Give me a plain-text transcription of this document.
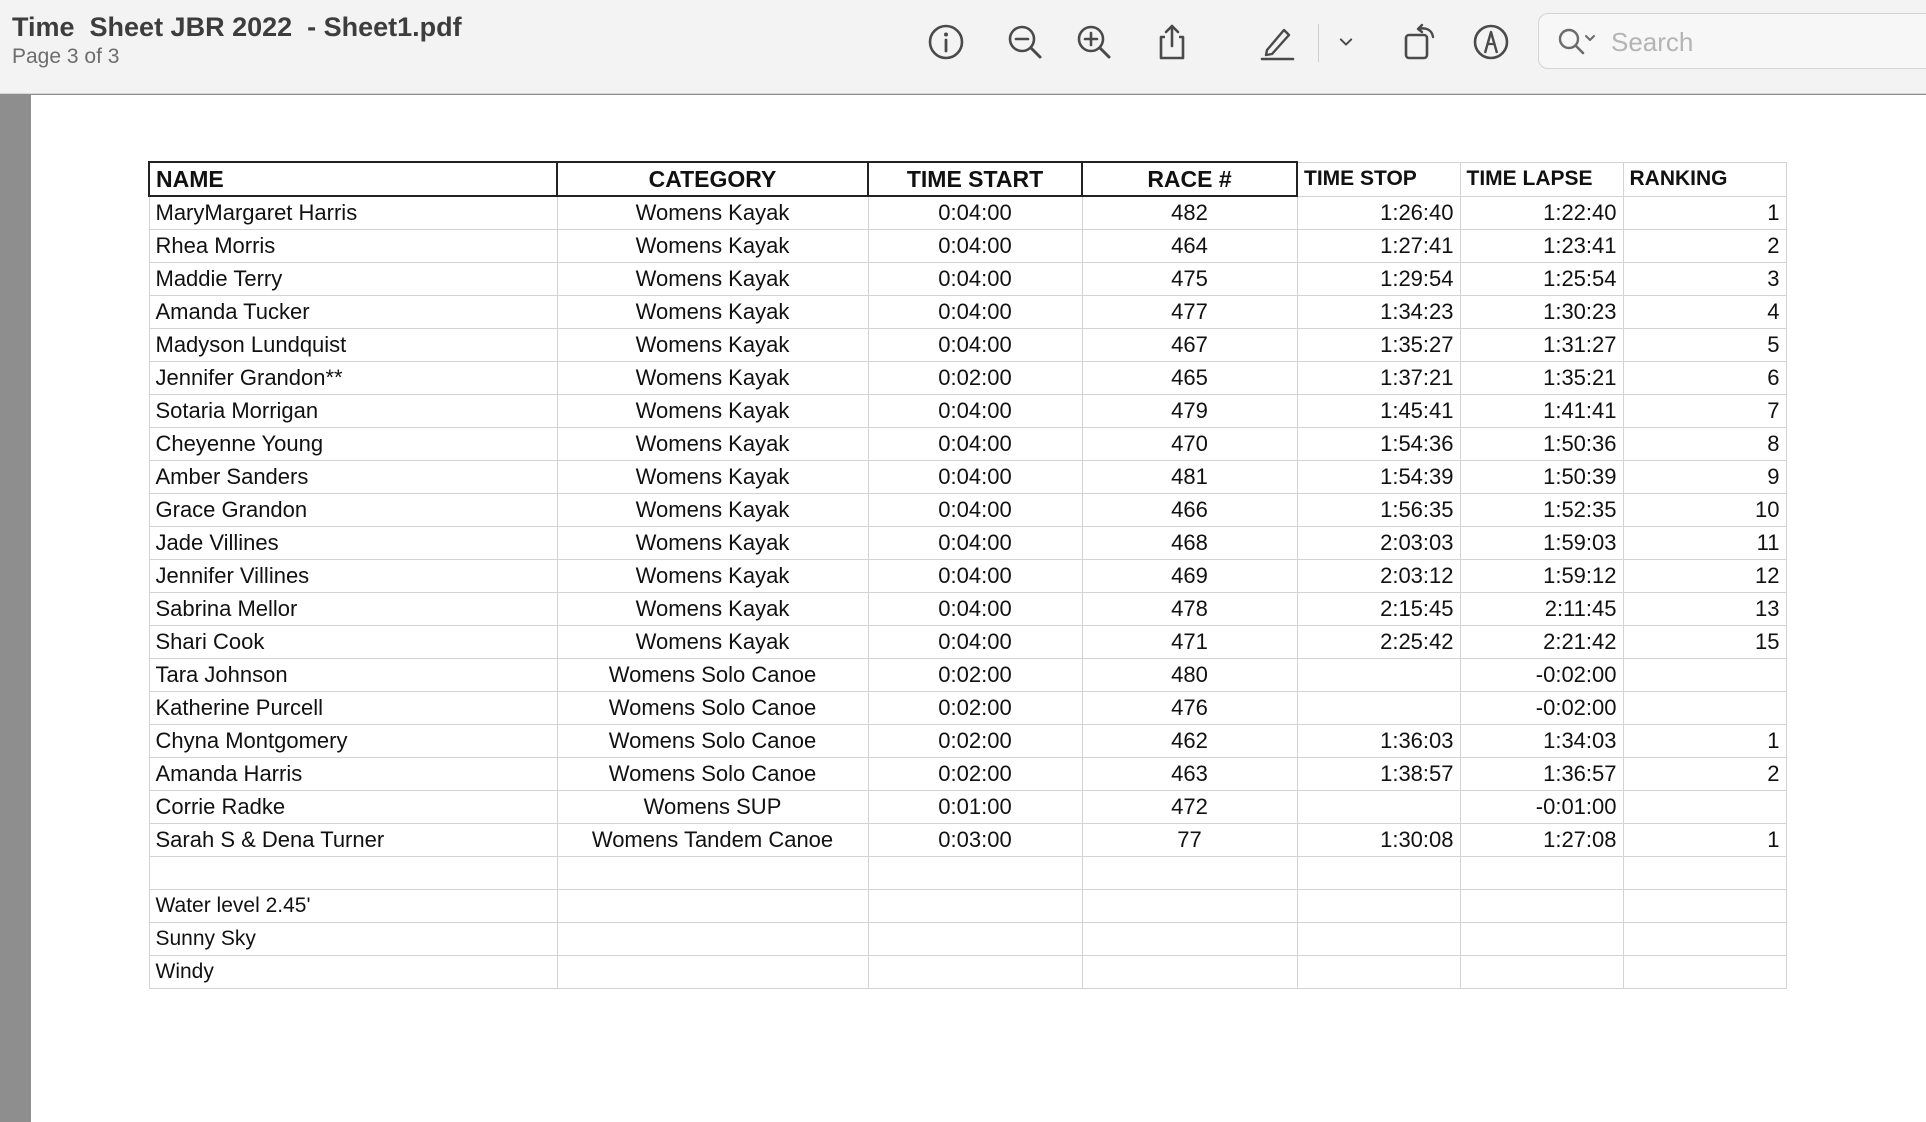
Time  Sheet JBR 2022  - Sheet1.pdf
Page 3 of 3
Search
NAME	CATEGORY	TIME START	RACE #	TIME STOP	TIME LAPSE	RANKING
MaryMargaret Harris	Womens Kayak	0:04:00	482	1:26:40	1:22:40	1
Rhea Morris	Womens Kayak	0:04:00	464	1:27:41	1:23:41	2
Maddie Terry	Womens Kayak	0:04:00	475	1:29:54	1:25:54	3
Amanda Tucker	Womens Kayak	0:04:00	477	1:34:23	1:30:23	4
Madyson Lundquist	Womens Kayak	0:04:00	467	1:35:27	1:31:27	5
Jennifer Grandon**	Womens Kayak	0:02:00	465	1:37:21	1:35:21	6
Sotaria Morrigan	Womens Kayak	0:04:00	479	1:45:41	1:41:41	7
Cheyenne Young	Womens Kayak	0:04:00	470	1:54:36	1:50:36	8
Amber Sanders	Womens Kayak	0:04:00	481	1:54:39	1:50:39	9
Grace Grandon	Womens Kayak	0:04:00	466	1:56:35	1:52:35	10
Jade Villines	Womens Kayak	0:04:00	468	2:03:03	1:59:03	11
Jennifer Villines	Womens Kayak	0:04:00	469	2:03:12	1:59:12	12
Sabrina Mellor	Womens Kayak	0:04:00	478	2:15:45	2:11:45	13
Shari Cook	Womens Kayak	0:04:00	471	2:25:42	2:21:42	15
Tara Johnson	Womens Solo Canoe	0:02:00	480		-0:02:00	
Katherine Purcell	Womens Solo Canoe	0:02:00	476		-0:02:00	
Chyna Montgomery	Womens Solo Canoe	0:02:00	462	1:36:03	1:34:03	1
Amanda Harris	Womens Solo Canoe	0:02:00	463	1:38:57	1:36:57	2
Corrie Radke	Womens SUP	0:01:00	472		-0:01:00	
Sarah S & Dena Turner	Womens Tandem Canoe	0:03:00	77	1:30:08	1:27:08	1

Water level 2.45'						
Sunny Sky						
Windy						
